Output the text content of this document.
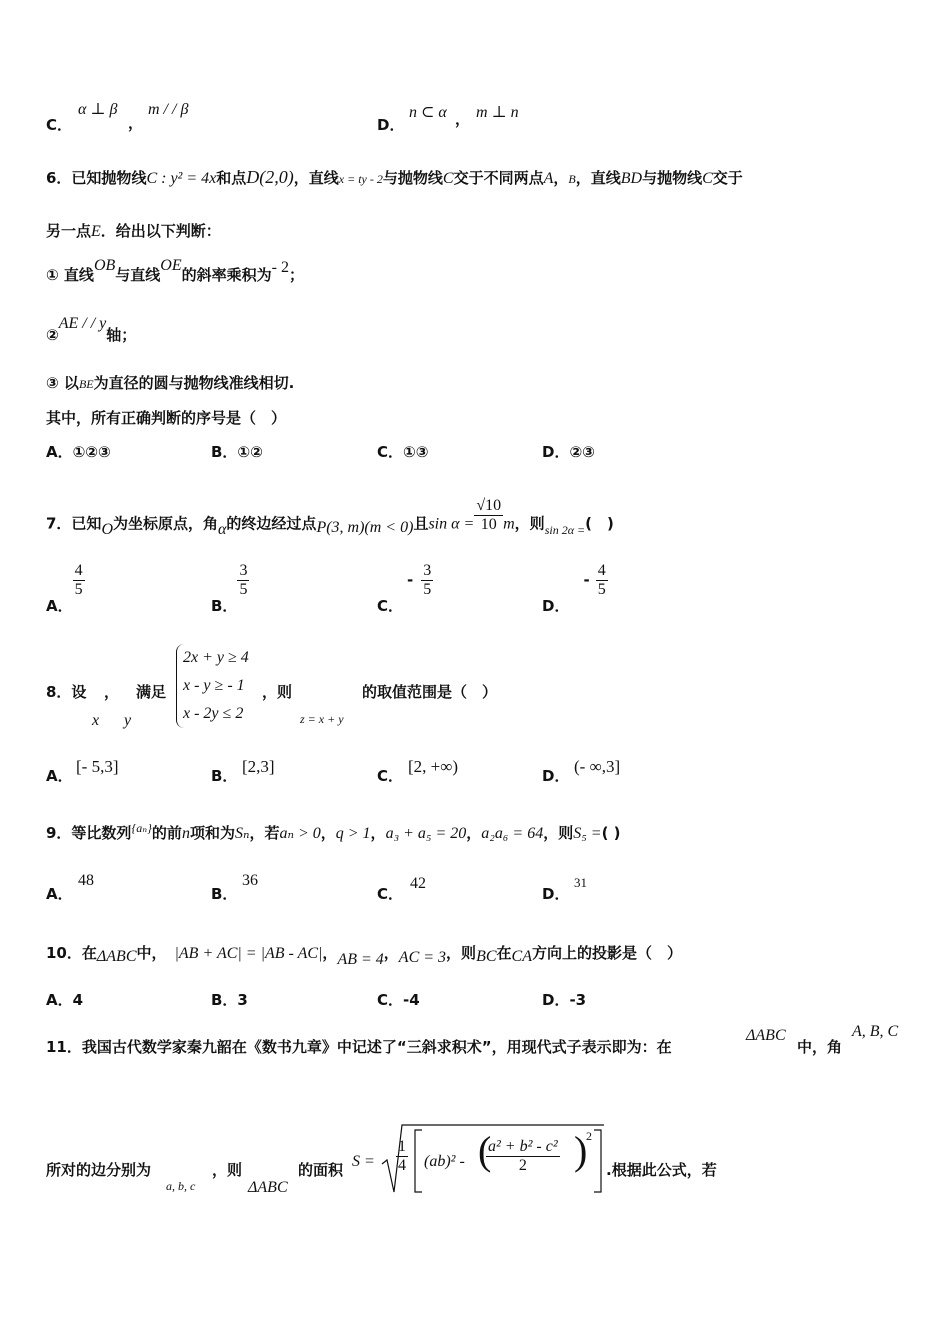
C．
α ⊥ β
，
m / / β
D．
n ⊂ α ， m ⊥ n
6．已知抛物线C : y² = 4x和点D(2,0)，直线x = ty - 2与抛物线C交于不同两点A，B，直线BD与抛物线C交于
另一点E．给出以下判断：
① 直线OB与直线OE的斜率乘积为- 2；
②AE / / y轴；
③ 以BE为直径的圆与抛物线准线相切.
其中，所有正确判断的序号是（　）
A．①②③	B．①②	C．①③	D．②③
7．已知O为坐标原点，角α的终边经过点P(3, m)(m < 0)且$\sin \alpha = \frac{√10}{10}$ m，则$_{sin 2\alpha =}$(　)
A．
$\frac{4}{5}$
B．
$\frac{3}{5}$
C．- $\frac{3}{5}$
D．- $\frac{4}{5}$
8．设 ， 满足
x y
2x + y ≥ 4
x - y ≥ - 1
x - 2y ≤ 2
，则
z = x + y
的取值范围是（　）
A． [- 5,3]	B． [2,3]	C． [2, +∞)	D． (- ∞,3]
9．等比数列$^{\{a_n\}}$的前n项和为Sₙ，若aₙ > 0，q > 1，a₃ + a₅ = 20，a₂a₆ = 64，则S₅ =( )
A．
48
B．
36
C．
42
D．
31
10．在ΔABC中， |AB + AC| = |AB - AC|，AB = 4，AC = 3，则BC在CA方向上的投影是（　）
A．4	B．3	C．-4	D．-3
11．我国古代数学家秦九韶在《数书九章》中记述了“三斜求积术”，用现代式子表示即为：在
ΔABC
中，角
A, B, C
所对的边分别为
a, b, c
，则
ΔABC
的面积 $S = \frac{1}{4} (ab)^2$ - (
$\frac{\text{a² + b² - c²}}{2}$ )
2
.根据此公式，若
